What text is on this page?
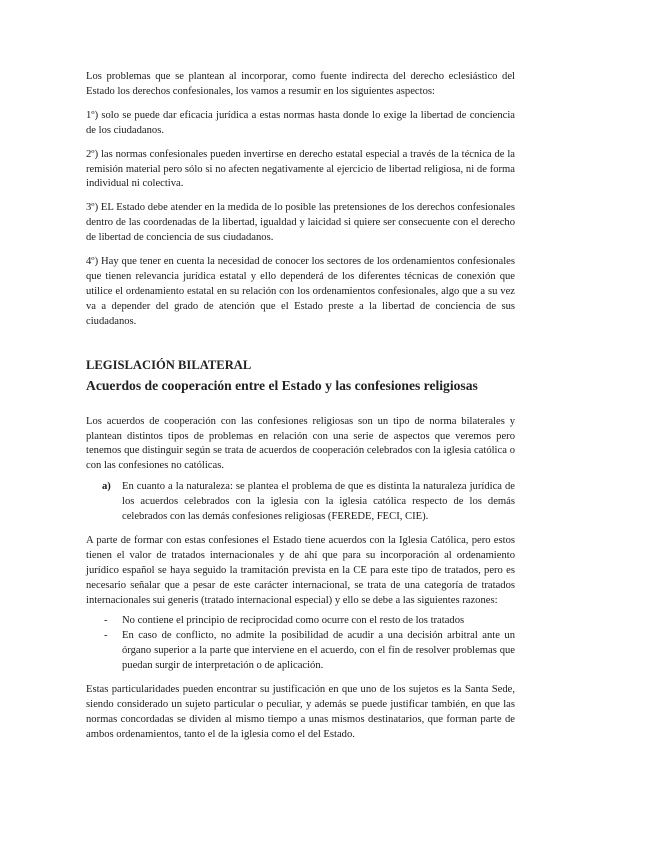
Los problemas que se plantean al incorporar, como fuente indirecta del derecho eclesiástico del Estado los derechos confesionales, los vamos a resumir en los siguientes aspectos:

1º) solo se puede dar eficacia jurídica a estas normas hasta donde lo exige la libertad de conciencia de los ciudadanos.

2º) las normas confesionales pueden invertirse en derecho estatal especial a través de la técnica de la remisión material pero sólo si no afecten negativamente al ejercicio de libertad religiosa, ni de forma individual ni colectiva.

3º) EL Estado debe atender en la medida de lo posible las pretensiones de los derechos confesionales dentro de las coordenadas de la libertad, igualdad y laicidad si quiere ser consecuente con el derecho de libertad de conciencia de sus ciudadanos.

4º) Hay que tener en cuenta la necesidad de conocer los sectores de los ordenamientos confesionales que tienen relevancia jurídica estatal y ello dependerá de los diferentes técnicas de conexión que utilice el ordenamiento estatal en su relación con los ordenamientos confesionales, algo que a su vez va a depender del grado de atención que el Estado preste a la libertad de conciencia de sus ciudadanos.

LEGISLACIÓN BILATERAL
Acuerdos de cooperación entre el Estado y las confesiones religiosas

Los acuerdos de cooperación con las confesiones religiosas son un tipo de norma bilaterales y plantean distintos tipos de problemas en relación con una serie de aspectos que veremos pero tenemos que distinguir según se trata de acuerdos de cooperación celebrados con la iglesia católica o con las confesiones no católicas.

a)	En cuanto a la naturaleza: se plantea el problema de que es distinta la naturaleza jurídica de los acuerdos celebrados con la iglesia con la iglesia católica respecto de los demás celebrados con las demás confesiones religiosas (FEREDE, FECI, CIE).

A parte de formar con estas confesiones el Estado tiene acuerdos con la Iglesia Católica, pero estos tienen el valor de tratados internacionales y de ahí que para su incorporación al ordenamiento jurídico español se haya seguido la tramitación prevista en la CE para este tipo de tratados, pero es necesario señalar que a pesar de este carácter internacional, se trata de una categoría de tratados internacionales sui generis (tratado internacional especial) y ello se debe a las siguientes razones:

-	No contiene el principio de reciprocidad como ocurre con el resto de los tratados
-	En caso de conflicto, no admite la posibilidad de acudir a una decisión arbitral ante un órgano superior a la parte que interviene en el acuerdo, con el fin de resolver problemas que puedan surgir de interpretación o de aplicación.

Estas particularidades pueden encontrar su justificación en que uno de los sujetos es la Santa Sede, siendo considerado un sujeto particular o peculiar, y además se puede justificar también, en que las normas concordadas se dividen al mismo tiempo a unas mismos destinatarios, que forman parte de ambos ordenamientos, tanto el de la iglesia como el del Estado.
